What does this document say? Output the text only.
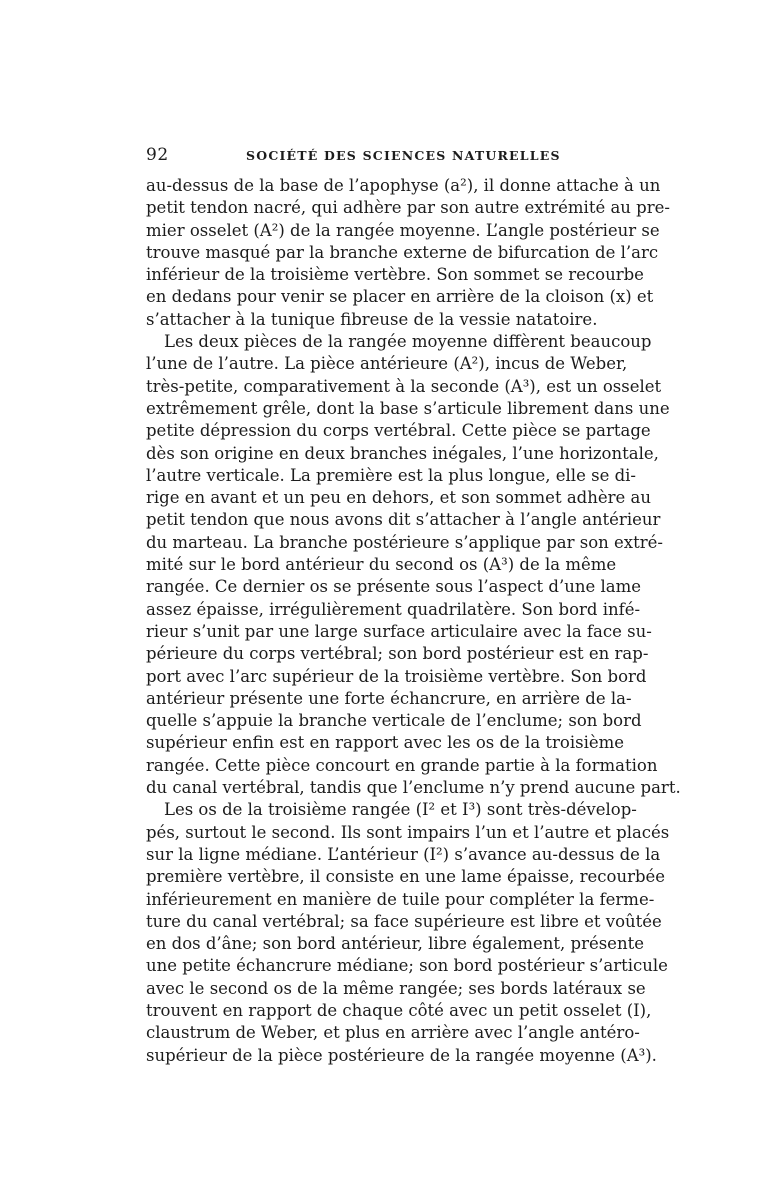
92	SOCIÉTÉ DES SCIENCES NATURELLES
au-dessus de la base de l’apophyse (a²), il donne attache à un
petit tendon nacré, qui adhère par son autre extrémité au pre-
mier osselet (A²) de la rangée moyenne. L’angle postérieur se
trouve masqué par la branche externe de bifurcation de l’arc
inférieur de la troisième vertèbre. Son sommet se recourbe
en dedans pour venir se placer en arrière de la cloison (x) et
s’attacher à la tunique fibreuse de la vessie natatoire.
Les deux pièces de la rangée moyenne diffèrent beaucoup
l’une de l’autre. La pièce antérieure (A²), incus de Weber,
très-petite, comparativement à la seconde (A³), est un osselet
extrêmement grêle, dont la base s’articule librement dans une
petite dépression du corps vertébral. Cette pièce se partage
dès son origine en deux branches inégales, l’une horizontale,
l’autre verticale. La première est la plus longue, elle se di-
rige en avant et un peu en dehors, et son sommet adhère au
petit tendon que nous avons dit s’attacher à l’angle antérieur
du marteau. La branche postérieure s’applique par son extré-
mité sur le bord antérieur du second os (A³) de la même
rangée. Ce dernier os se présente sous l’aspect d’une lame
assez épaisse, irrégulièrement quadrilatère. Son bord infé-
rieur s’unit par une large surface articulaire avec la face su-
périeure du corps vertébral; son bord postérieur est en rap-
port avec l’arc supérieur de la troisième vertèbre. Son bord
antérieur présente une forte échancrure, en arrière de la-
quelle s’appuie la branche verticale de l’enclume; son bord
supérieur enfin est en rapport avec les os de la troisième
rangée. Cette pièce concourt en grande partie à la formation
du canal vertébral, tandis que l’enclume n’y prend aucune part.
Les os de la troisième rangée (I² et I³) sont très-dévelop-
pés, surtout le second. Ils sont impairs l’un et l’autre et placés
sur la ligne médiane. L’antérieur (I²) s’avance au-dessus de la
première vertèbre, il consiste en une lame épaisse, recourbée
inférieurement en manière de tuile pour compléter la ferme-
ture du canal vertébral; sa face supérieure est libre et voûtée
en dos d’âne; son bord antérieur, libre également, présente
une petite échancrure médiane; son bord postérieur s’articule
avec le second os de la même rangée; ses bords latéraux se
trouvent en rapport de chaque côté avec un petit osselet (I),
claustrum de Weber, et plus en arrière avec l’angle antéro-
supérieur de la pièce postérieure de la rangée moyenne (A³).
